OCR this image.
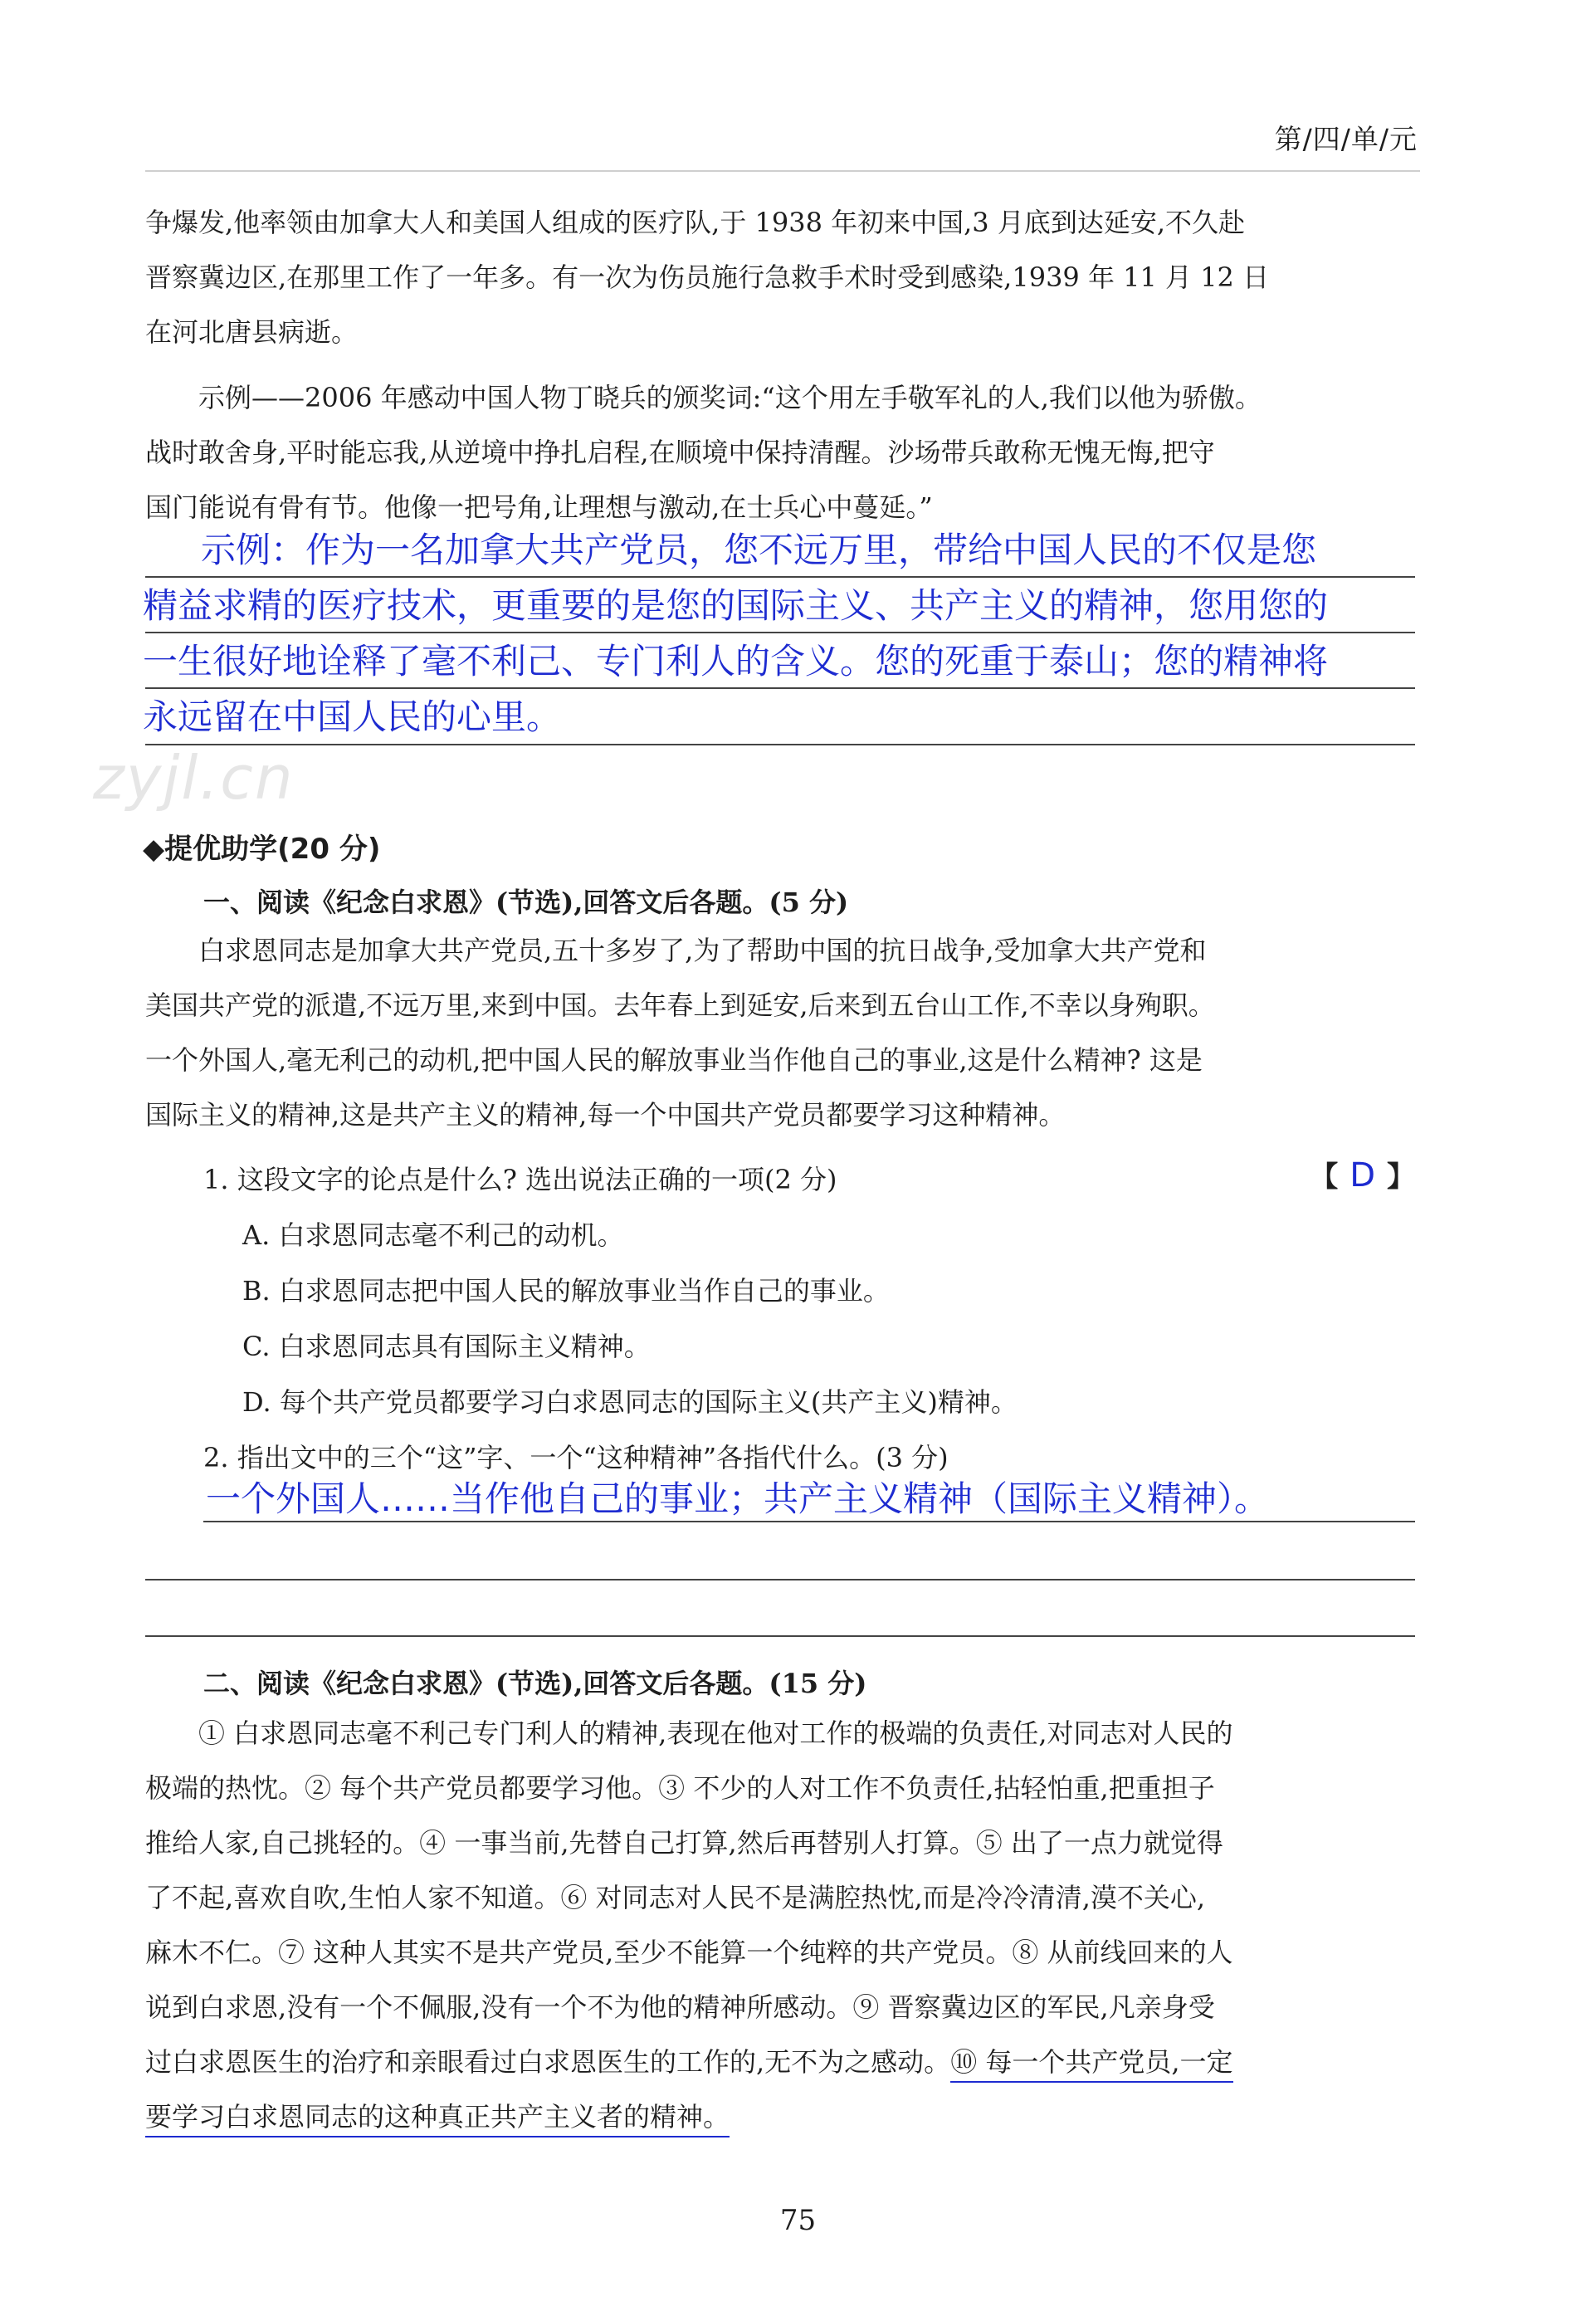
第/四/单/元
争爆发,他率领由加拿大人和美国人组成的医疗队,于 1938 年初来中国,3 月底到达延安,不久赴
晋察冀边区,在那里工作了一年多。有一次为伤员施行急救手术时受到感染,1939 年 11 月 12 日
在河北唐县病逝。
　　示例——2006 年感动中国人物丁晓兵的颁奖词:“这个用左手敬军礼的人,我们以他为骄傲。
战时敢舍身,平时能忘我,从逆境中挣扎启程,在顺境中保持清醒。沙场带兵敢称无愧无悔,把守
国门能说有骨有节。他像一把号角,让理想与激动,在士兵心中蔓延。”
示例：作为一名加拿大共产党员，您不远万里，带给中国人民的不仅是您
精益求精的医疗技术，更重要的是您的国际主义、共产主义的精神，您用您的
一生很好地诠释了毫不利己、专门利人的含义。您的死重于泰山；您的精神将
永远留在中国人民的心里。
zyjl.cn
◆提优助学(20 分)
一、阅读《纪念白求恩》(节选),回答文后各题。(5 分)
　　白求恩同志是加拿大共产党员,五十多岁了,为了帮助中国的抗日战争,受加拿大共产党和
美国共产党的派遣,不远万里,来到中国。去年春上到延安,后来到五台山工作,不幸以身殉职。
一个外国人,毫无利己的动机,把中国人民的解放事业当作他自己的事业,这是什么精神? 这是
国际主义的精神,这是共产主义的精神,每一个中国共产党员都要学习这种精神。
1. 这段文字的论点是什么? 选出说法正确的一项(2 分)	【 D 】
A. 白求恩同志毫不利己的动机。
B. 白求恩同志把中国人民的解放事业当作自己的事业。
C. 白求恩同志具有国际主义精神。
D. 每个共产党员都要学习白求恩同志的国际主义(共产主义)精神。
2. 指出文中的三个“这”字、一个“这种精神”各指代什么。(3 分)
一个外国人……当作他自己的事业；共产主义精神（国际主义精神）。
二、阅读《纪念白求恩》(节选),回答文后各题。(15 分)
　　① 白求恩同志毫不利己专门利人的精神,表现在他对工作的极端的负责任,对同志对人民的
极端的热忱。② 每个共产党员都要学习他。③ 不少的人对工作不负责任,拈轻怕重,把重担子
推给人家,自己挑轻的。④ 一事当前,先替自己打算,然后再替别人打算。⑤ 出了一点力就觉得
了不起,喜欢自吹,生怕人家不知道。⑥ 对同志对人民不是满腔热忱,而是冷冷清清,漠不关心,
麻木不仁。⑦ 这种人其实不是共产党员,至少不能算一个纯粹的共产党员。⑧ 从前线回来的人
说到白求恩,没有一个不佩服,没有一个不为他的精神所感动。⑨ 晋察冀边区的军民,凡亲身受
过白求恩医生的治疗和亲眼看过白求恩医生的工作的,无不为之感动。⑩ 每一个共产党员,一定
要学习白求恩同志的这种真正共产主义者的精神。
75
